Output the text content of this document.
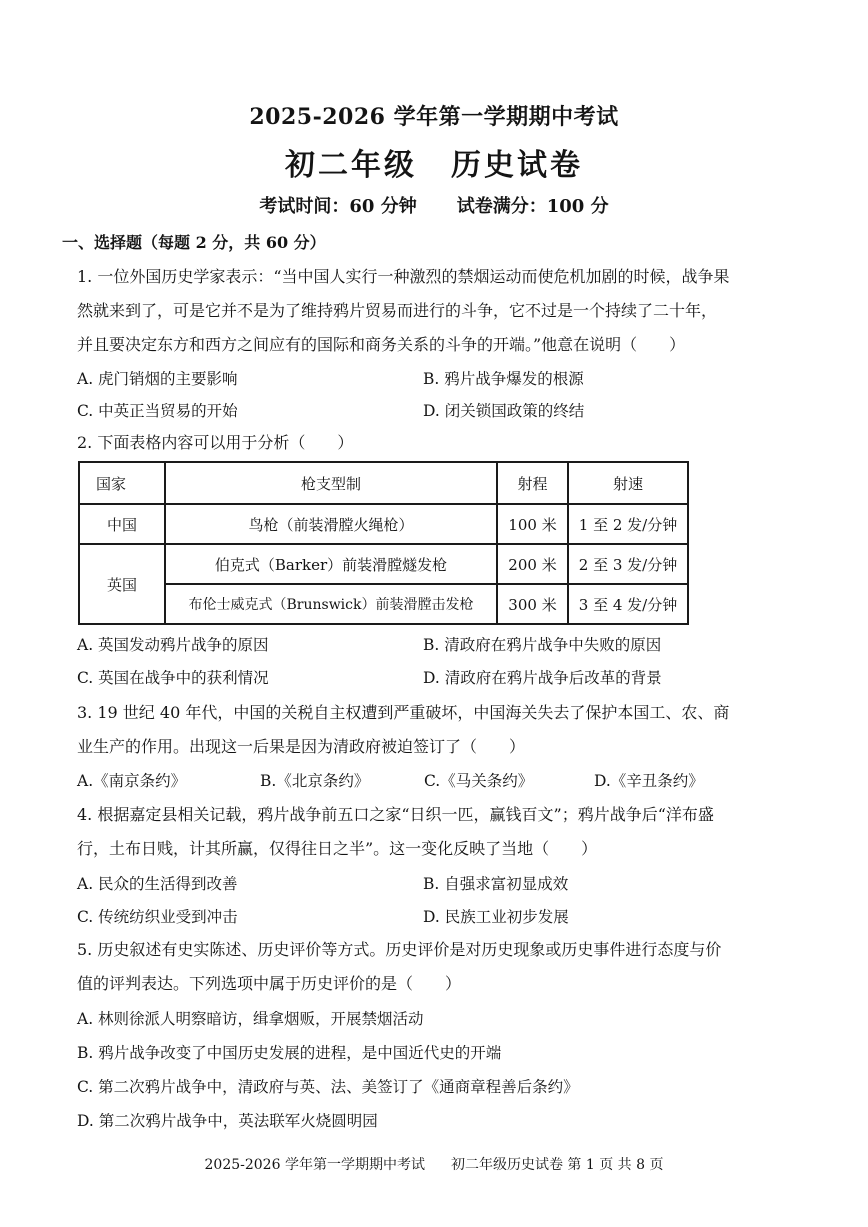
2025-2026 学年第一学期期中考试
初二年级 历史试卷
考试时间：60 分钟 试卷满分：100 分
一、选择题（每题 2 分，共 60 分）
1. 一位外国历史学家表示：“当中国人实行一种激烈的禁烟运动而使危机加剧的时候，战争果
然就来到了，可是它并不是为了维持鸦片贸易而进行的斗争，它不过是一个持续了二十年，
并且要决定东方和西方之间应有的国际和商务关系的斗争的开端。”他意在说明（　　）
A. 虎门销烟的主要影响	B. 鸦片战争爆发的根源
C. 中英正当贸易的开始	D. 闭关锁国政策的终结
2. 下面表格内容可以用于分析（　　）
国家	枪支型制	射程	射速
中国	鸟枪（前装滑膛火绳枪）	100 米	1 至 2 发/分钟
英国	伯克式（Barker）前装滑膛燧发枪	200 米	2 至 3 发/分钟
	布伦士威克式（Brunswick）前装滑膛击发枪	300 米	3 至 4 发/分钟
A. 英国发动鸦片战争的原因	B. 清政府在鸦片战争中失败的原因
C. 英国在战争中的获利情况	D. 清政府在鸦片战争后改革的背景
3. 19 世纪 40 年代，中国的关税自主权遭到严重破坏，中国海关失去了保护本国工、农、商
业生产的作用。出现这一后果是因为清政府被迫签订了（　　）
A.《南京条约》	B.《北京条约》	C.《马关条约》	D.《辛丑条约》
4. 根据嘉定县相关记载，鸦片战争前五口之家“日织一匹，赢钱百文”；鸦片战争后“洋布盛
行，土布日贱，计其所赢，仅得往日之半”。这一变化反映了当地（　　）
A. 民众的生活得到改善	B. 自强求富初显成效
C. 传统纺织业受到冲击	D. 民族工业初步发展
5. 历史叙述有史实陈述、历史评价等方式。历史评价是对历史现象或历史事件进行态度与价
值的评判表达。下列选项中属于历史评价的是（　　）
A. 林则徐派人明察暗访，缉拿烟贩，开展禁烟活动
B. 鸦片战争改变了中国历史发展的进程，是中国近代史的开端
C. 第二次鸦片战争中，清政府与英、法、美签订了《通商章程善后条约》
D. 第二次鸦片战争中，英法联军火烧圆明园
2025-2026 学年第一学期期中考试 初二年级历史试卷 第 1 页 共 8 页
